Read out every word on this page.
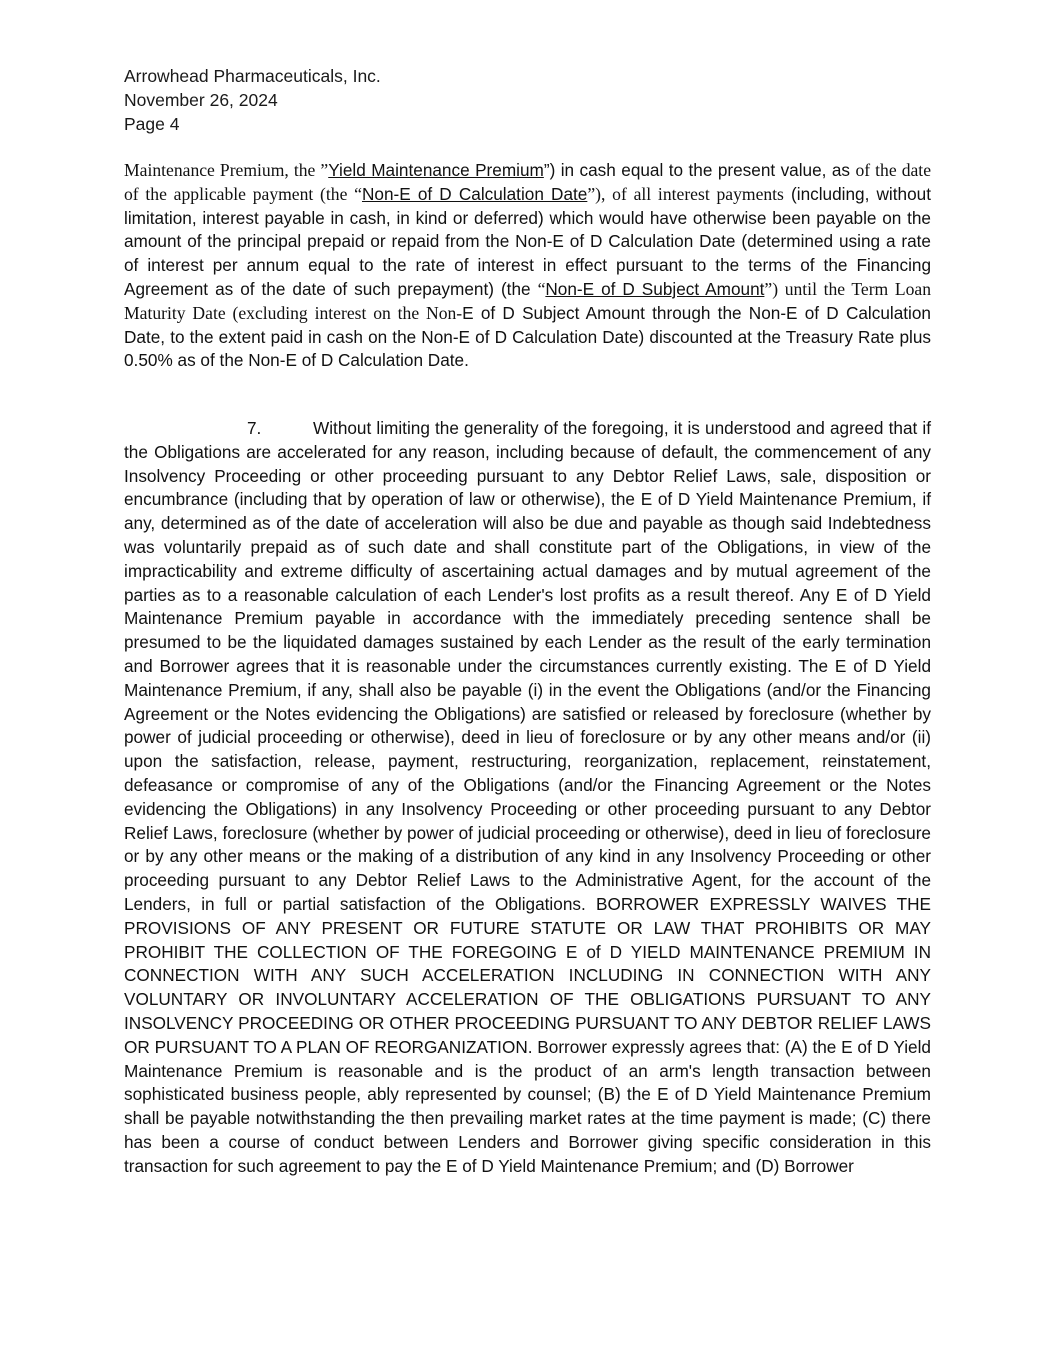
Arrowhead Pharmaceuticals, Inc.
November 26, 2024
Page 4
Maintenance Premium, the ”Yield Maintenance Premium”) in cash equal to the present value, as of the date of the applicable payment (the “Non-E of D Calculation Date”), of all interest payments (including, without limitation, interest payable in cash, in kind or deferred) which would have otherwise been payable on the amount of the principal prepaid or repaid from the Non-E of D Calculation Date (determined using a rate of interest per annum equal to the rate of interest in effect pursuant to the terms of the Financing Agreement as of the date of such prepayment) (the “Non-E of D Subject Amount”) until the Term Loan Maturity Date (excluding interest on the Non-E of D Subject Amount through the Non-E of D Calculation Date, to the extent paid in cash on the Non-E of D Calculation Date) discounted at the Treasury Rate plus 0.50% as of the Non-E of D Calculation Date.
7.	Without limiting the generality of the foregoing, it is understood and agreed that if the Obligations are accelerated for any reason, including because of default, the commencement of any Insolvency Proceeding or other proceeding pursuant to any Debtor Relief Laws, sale, disposition or encumbrance (including that by operation of law or otherwise), the E of D Yield Maintenance Premium, if any, determined as of the date of acceleration will also be due and payable as though said Indebtedness was voluntarily prepaid as of such date and shall constitute part of the Obligations, in view of the impracticability and extreme difficulty of ascertaining actual damages and by mutual agreement of the parties as to a reasonable calculation of each Lender's lost profits as a result thereof. Any E of D Yield Maintenance Premium payable in accordance with the immediately preceding sentence shall be presumed to be the liquidated damages sustained by each Lender as the result of the early termination and Borrower agrees that it is reasonable under the circumstances currently existing. The E of D Yield Maintenance Premium, if any, shall also be payable (i) in the event the Obligations (and/or the Financing Agreement or the Notes evidencing the Obligations) are satisfied or released by foreclosure (whether by power of judicial proceeding or otherwise), deed in lieu of foreclosure or by any other means and/or (ii) upon the satisfaction, release, payment, restructuring, reorganization, replacement, reinstatement, defeasance or compromise of any of the Obligations (and/or the Financing Agreement or the Notes evidencing the Obligations) in any Insolvency Proceeding or other proceeding pursuant to any Debtor Relief Laws, foreclosure (whether by power of judicial proceeding or otherwise), deed in lieu of foreclosure or by any other means or the making of a distribution of any kind in any Insolvency Proceeding or other proceeding pursuant to any Debtor Relief Laws to the Administrative Agent, for the account of the Lenders, in full or partial satisfaction of the Obligations. BORROWER EXPRESSLY WAIVES THE PROVISIONS OF ANY PRESENT OR FUTURE STATUTE OR LAW THAT PROHIBITS OR MAY PROHIBIT THE COLLECTION OF THE FOREGOING E of D YIELD MAINTENANCE PREMIUM IN CONNECTION WITH ANY SUCH ACCELERATION INCLUDING IN CONNECTION WITH ANY VOLUNTARY OR INVOLUNTARY ACCELERATION OF THE OBLIGATIONS PURSUANT TO ANY INSOLVENCY PROCEEDING OR OTHER PROCEEDING PURSUANT TO ANY DEBTOR RELIEF LAWS OR PURSUANT TO A PLAN OF REORGANIZATION. Borrower expressly agrees that: (A) the E of D Yield Maintenance Premium is reasonable and is the product of an arm's length transaction between sophisticated business people, ably represented by counsel; (B) the E of D Yield Maintenance Premium shall be payable notwithstanding the then prevailing market rates at the time payment is made; (C) there has been a course of conduct between Lenders and Borrower giving specific consideration in this transaction for such agreement to pay the E of D Yield Maintenance Premium; and (D) Borrower
